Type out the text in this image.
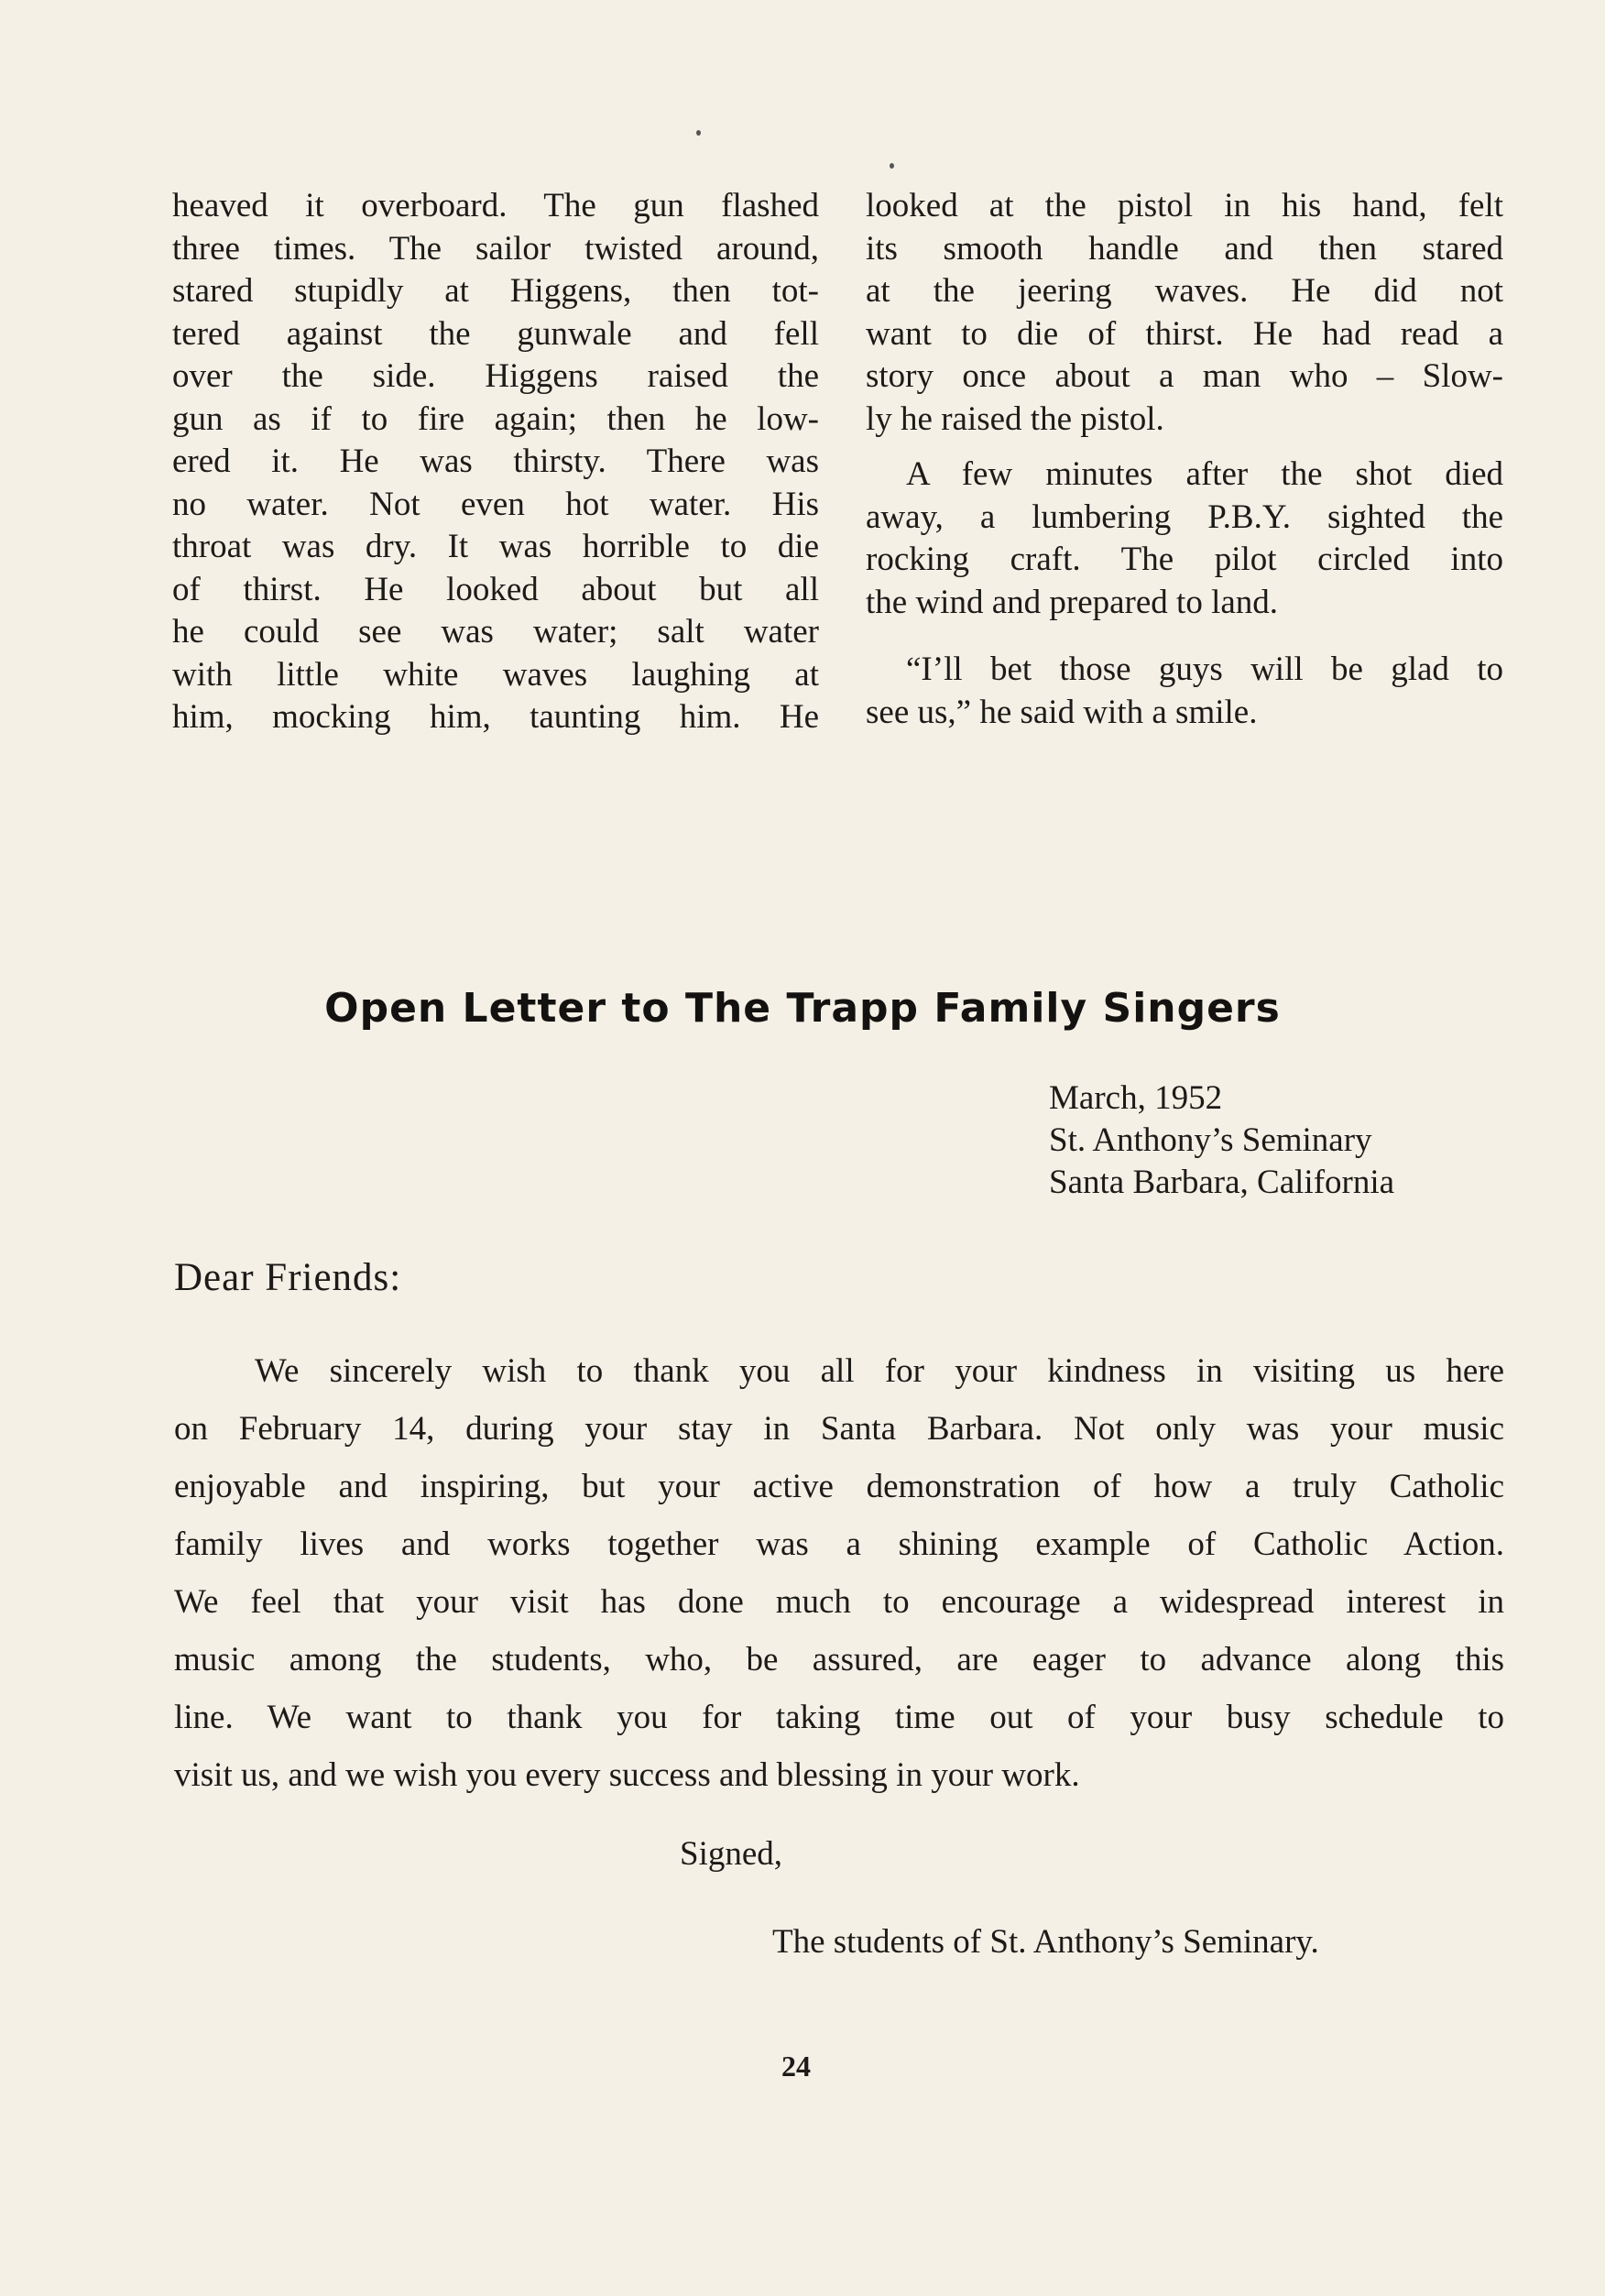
heaved it overboard. The gun flashed
three times. The sailor twisted around,
stared stupidly at Higgens, then tot-
tered against the gunwale and fell
over the side. Higgens raised the
gun as if to fire again; then he low-
ered it. He was thirsty. There was
no water. Not even hot water. His
throat was dry. It was horrible to die
of thirst. He looked about but all
he could see was water; salt water
with little white waves laughing at
him, mocking him, taunting him. He
looked at the pistol in his hand, felt
its smooth handle and then stared
at the jeering waves. He did not
want to die of thirst. He had read a
story once about a man who – Slow-
ly he raised the pistol.
A few minutes after the shot died
away, a lumbering P.B.Y. sighted the
rocking craft. The pilot circled into
the wind and prepared to land.
“I’ll bet those guys will be glad to
see us,” he said with a smile.
Open Letter to The Trapp Family Singers
March, 1952
St. Anthony’s Seminary
Santa Barbara, California
Dear Friends:
We sincerely wish to thank you all for your kindness in visiting us here
on February 14, during your stay in Santa Barbara. Not only was your music
enjoyable and inspiring, but your active demonstration of how a truly Catholic
family lives and works together was a shining example of Catholic Action.
We feel that your visit has done much to encourage a widespread interest in
music among the students, who, be assured, are eager to advance along this
line. We want to thank you for taking time out of your busy schedule to
visit us, and we wish you every success and blessing in your work.
Signed,
The students of St. Anthony’s Seminary.
24
